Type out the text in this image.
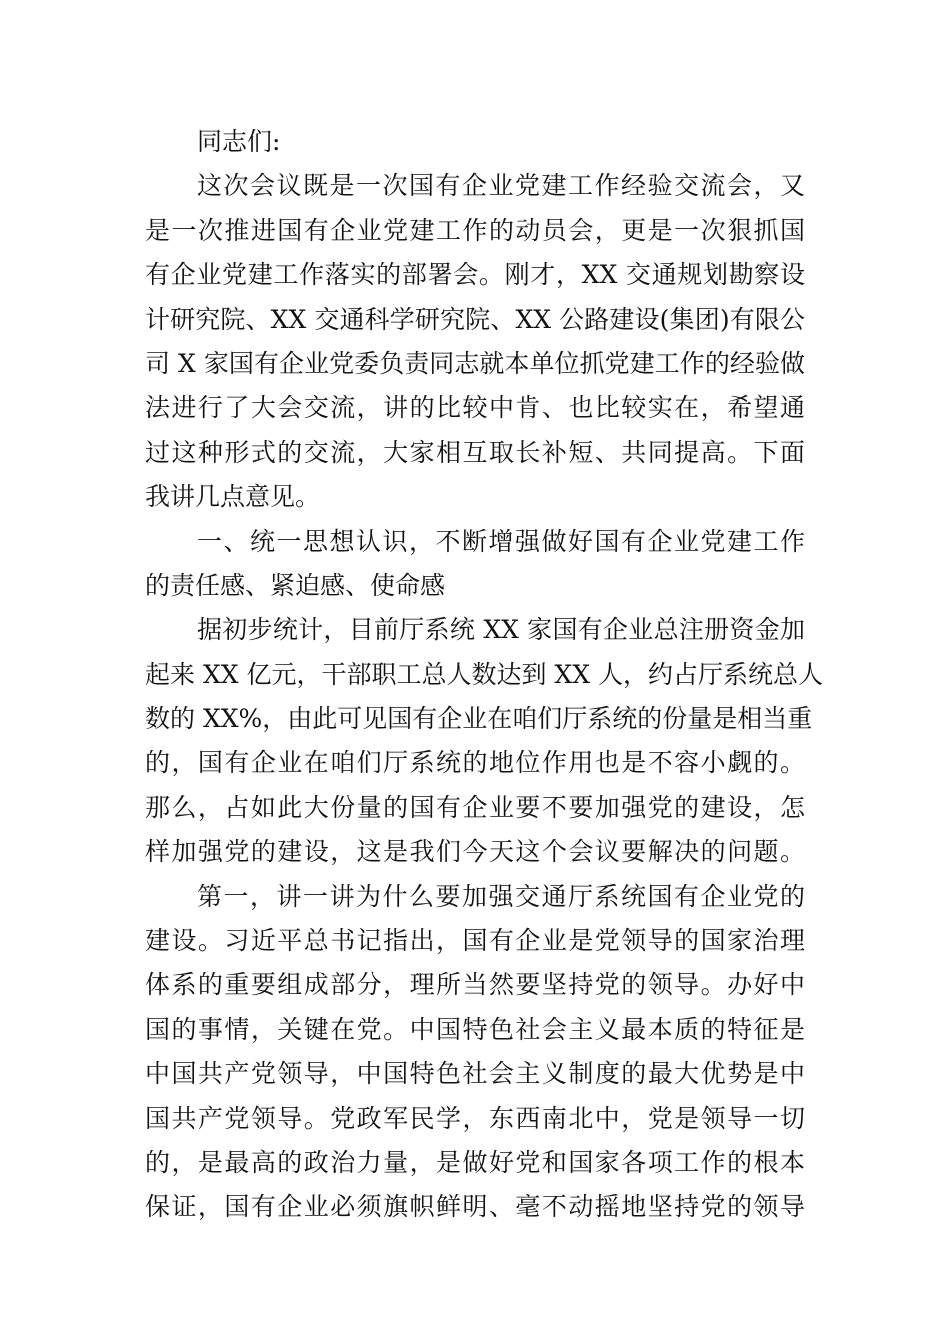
同志们:
这次会议既是一次国有企业党建工作经验交流会，又
是一次推进国有企业党建工作的动员会，更是一次狠抓国
有企业党建工作落实的部署会。刚才，XX 交通规划勘察设
计研究院、XX 交通科学研究院、XX 公路建设(集团)有限公
司 X 家国有企业党委负责同志就本单位抓党建工作的经验做
法进行了大会交流，讲的比较中肯、也比较实在，希望通
过这种形式的交流，大家相互取长补短、共同提高。下面
我讲几点意见。
一、统一思想认识，不断增强做好国有企业党建工作
的责任感、紧迫感、使命感
据初步统计，目前厅系统 XX 家国有企业总注册资金加
起来 XX 亿元，干部职工总人数达到 XX 人，约占厅系统总人
数的 XX%，由此可见国有企业在咱们厅系统的份量是相当重
的，国有企业在咱们厅系统的地位作用也是不容小觑的。
那么，占如此大份量的国有企业要不要加强党的建设，怎
样加强党的建设，这是我们今天这个会议要解决的问题。
第一，讲一讲为什么要加强交通厅系统国有企业党的
建设。习近平总书记指出，国有企业是党领导的国家治理
体系的重要组成部分，理所当然要坚持党的领导。办好中
国的事情，关键在党。中国特色社会主义最本质的特征是
中国共产党领导，中国特色社会主义制度的最大优势是中
国共产党领导。党政军民学，东西南北中，党是领导一切
的，是最高的政治力量，是做好党和国家各项工作的根本
保证，国有企业必须旗帜鲜明、毫不动摇地坚持党的领导
